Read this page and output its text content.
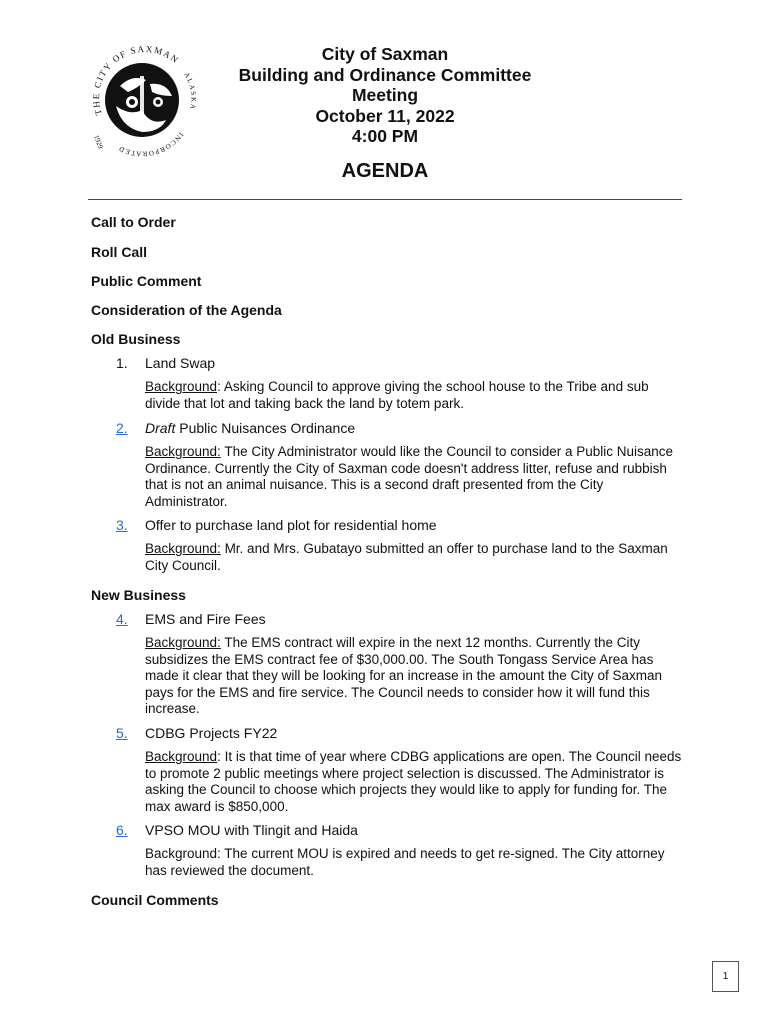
THE CITY OF SAXMAN
ALASKA
INCORPORATED
1929
City of Saxman
Building and Ordinance Committee
Meeting
October 11, 2022
4:00 PM
AGENDA
Call to Order
Roll Call
Public Comment
Consideration of the Agenda
Old Business
1.	Land Swap
Background: Asking Council to approve giving the school house to the Tribe and sub divide that lot and taking back the land by totem park.
2.	Draft Public Nuisances Ordinance
Background: The City Administrator would like the Council to consider a Public Nuisance Ordinance. Currently the City of Saxman code doesn't address litter, refuse and rubbish that is not an animal nuisance. This is a second draft presented from the City Administrator.
3.	Offer to purchase land plot for residential home
Background: Mr. and Mrs. Gubatayo submitted an offer to purchase land to the Saxman City Council.
New Business
4.	EMS and Fire Fees
Background: The EMS contract will expire in the next 12 months. Currently the City subsidizes the EMS contract fee of $30,000.00. The South Tongass Service Area has made it clear that they will be looking for an increase in the amount the City of Saxman pays for the EMS and fire service. The Council needs to consider how it will fund this increase.
5.	CDBG Projects FY22
Background: It is that time of year where CDBG applications are open. The Council needs to promote 2 public meetings where project selection is discussed. The Administrator is asking the Council to choose which projects they would like to apply for funding for. The max award is $850,000.
6.	VPSO MOU with Tlingit and Haida
Background: The current MOU is expired and needs to get re-signed. The City attorney has reviewed the document.
Council Comments
1
